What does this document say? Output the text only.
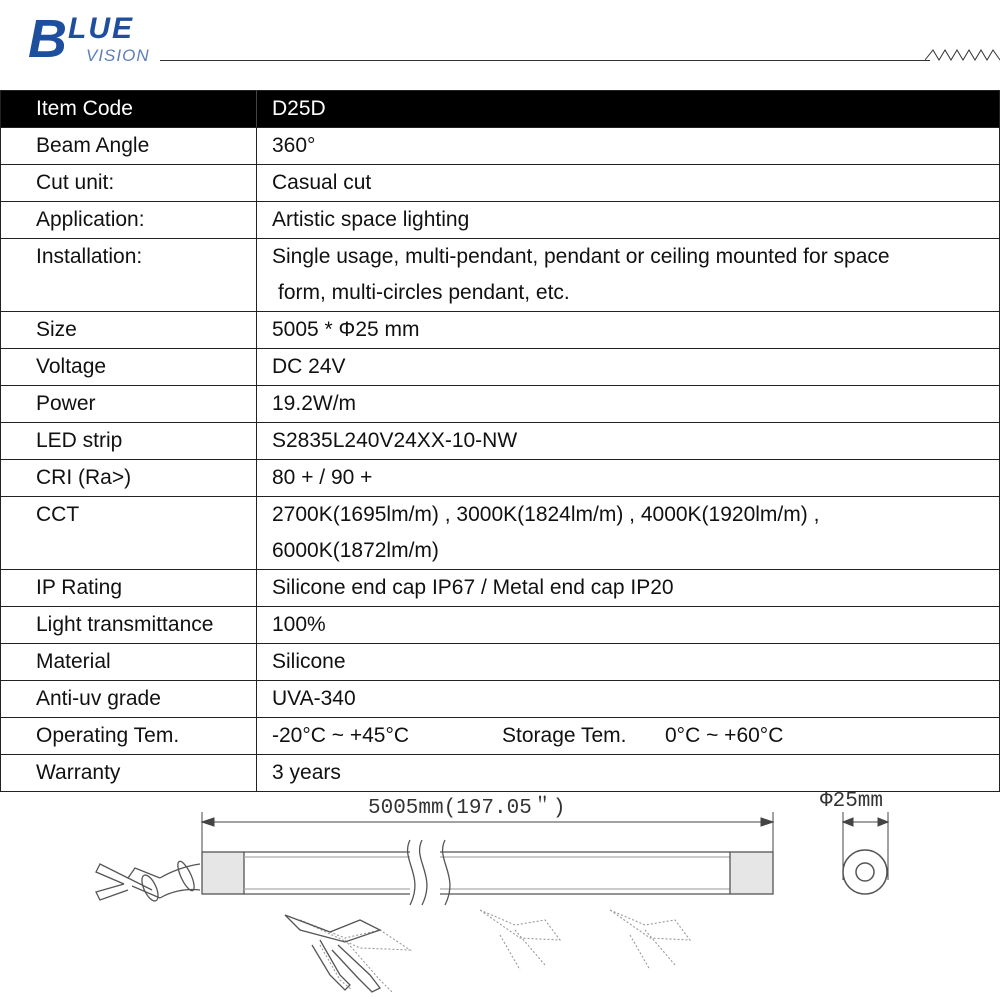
B LUE
VISION
Item Code	D25D
Beam Angle	360°
Cut unit:	Casual cut
Application:	Artistic space lighting
Installation:	Single usage, multi-pendant, pendant or ceiling mounted for space
form, multi-circles pendant, etc.
Size	5005 * Φ25 mm
Voltage	DC 24V
Power	19.2W/m
LED strip	S2835L240V24XX-10-NW
CRI (Ra>)	80 + / 90 +
CCT	2700K(1695lm/m) , 3000K(1824lm/m) , 4000K(1920lm/m) ,
6000K(1872lm/m)
IP Rating	Silicone end cap IP67 / Metal end cap IP20
Light transmittance	100%
Material	Silicone
Anti-uv grade	UVA-340
Operating Tem.	-20°C ~ +45°C Storage Tem. 0°C ~ +60°C
Warranty	3 years
5005mm(197.05＂)	Φ25mm
